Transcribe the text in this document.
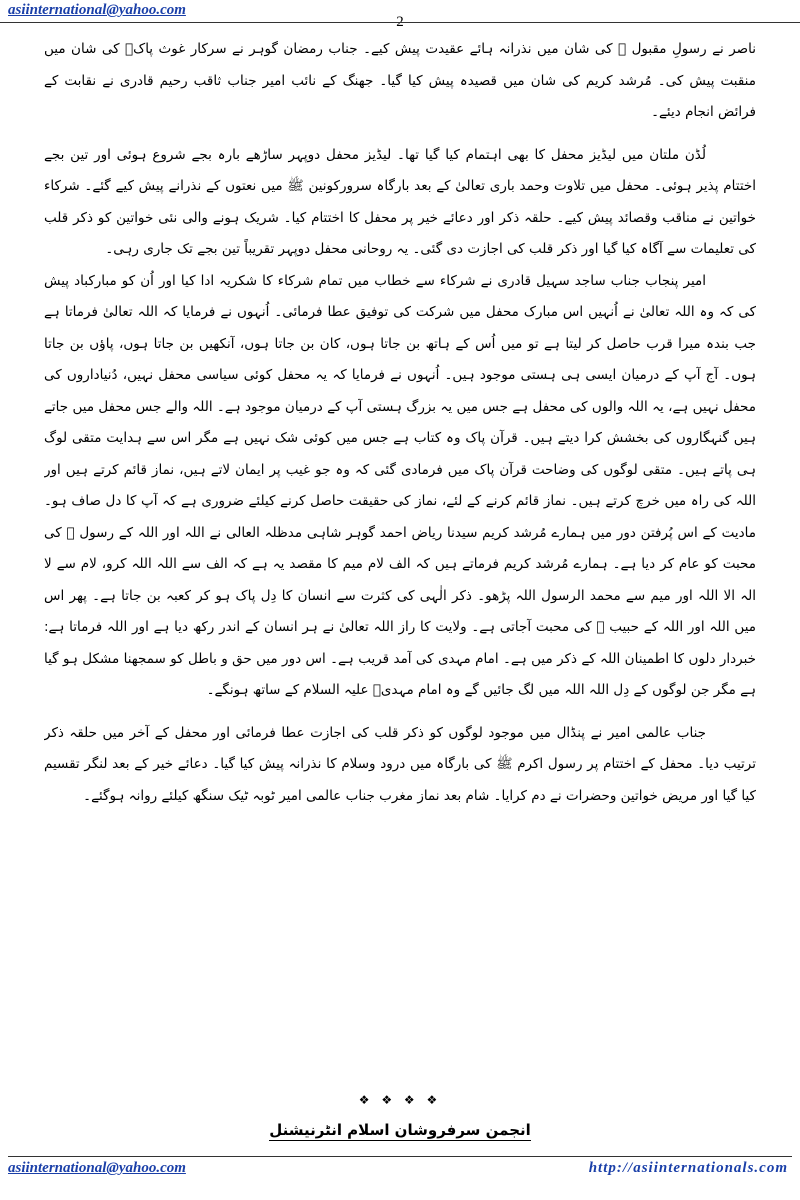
asiinternational@yahoo.com
2

ناصر نے رسولِ مقبول ﷺ کی شان میں نذرانہ ہائے عقیدت پیش کیے۔ جناب رمضان گوہر نے سرکار غوث پاکؓ کی شان میں منقبت پیش کی۔ مُرشد کریم کی شان میں قصیدہ پیش کیا گیا۔ جھنگ کے نائب امیر جناب ثاقب رحیم قادری نے نقابت کے فرائض انجام دیئے۔

لُڈن ملتان میں لیڈیز محفل کا بھی اہتمام کیا گیا تھا۔ لیڈیز محفل دوپہر ساڑھے بارہ بجے شروع ہوئی اور تین بجے اختتام پذیر ہوئی۔ محفل میں تلاوت وحمد باری تعالیٰ کے بعد بارگاہ سرورکونین ﷺ میں نعتوں کے نذرانے پیش کیے گئے۔ شرکاء خواتین نے مناقب وقصائد پیش کیے۔ حلقہ ذکر اور دعائے خیر پر محفل کا اختتام کیا۔ شریک ہونے والی نئی خواتین کو ذکر قلب کی تعلیمات سے آگاہ کیا گیا اور ذکر قلب کی اجازت دی گئی۔ یہ روحانی محفل دوپہر تقریباً تین بجے تک جاری رہی۔

امیر پنجاب جناب ساجد سہیل قادری نے شرکاء سے خطاب میں تمام شرکاء کا شکریہ ادا کیا اور اُن کو مبارکباد پیش کی کہ وہ اللہ تعالیٰ نے اُنہیں اس مبارک محفل میں شرکت کی توفیق عطا فرمائی۔ اُنہوں نے فرمایا کہ اللہ تعالیٰ فرماتا ہے جب بندہ میرا قرب حاصل کر لیتا ہے تو میں اُس کے ہاتھ بن جاتا ہوں، کان بن جاتا ہوں، آنکھیں بن جاتا ہوں، پاؤں بن جاتا ہوں۔ آج آپ کے درمیان ایسی ہی ہستی موجود ہیں۔ اُنہوں نے فرمایا کہ یہ محفل کوئی سیاسی محفل نہیں، دُنیاداروں کی محفل نہیں ہے، یہ اللہ والوں کی محفل ہے جس میں یہ بزرگ ہستی آپ کے درمیان موجود ہے۔ اللہ والے جس محفل میں جاتے ہیں گنہگاروں کی بخشش کرا دیتے ہیں۔ قرآن پاک وہ کتاب ہے جس میں کوئی شک نہیں ہے مگر اس سے ہدایت متقی لوگ ہی پاتے ہیں۔ متقی لوگوں کی وضاحت قرآن پاک میں فرمادی گئی کہ وہ جو غیب پر ایمان لاتے ہیں، نماز قائم کرتے ہیں اور اللہ کی راہ میں خرچ کرتے ہیں۔ نماز قائم کرنے کے لئے، نماز کی حقیقت حاصل کرنے کیلئے ضروری ہے کہ آپ کا دل صاف ہو۔ مادیت کے اس پُرفتن دور میں ہمارے مُرشد کریم سیدنا ریاض احمد گوہر شاہی مدظلہ العالی نے اللہ اور اللہ کے رسول ﷺ کی محبت کو عام کر دیا ہے۔ ہمارے مُرشد کریم فرماتے ہیں کہ الف لام میم کا مقصد یہ ہے کہ الف سے اللہ اللہ کرو، لام سے لا الہ الا اللہ اور میم سے محمد الرسول اللہ پڑھو۔ ذکر الٰہی کی کثرت سے انسان کا دِل پاک ہو کر کعبہ بن جاتا ہے۔ پھر اس میں اللہ اور اللہ کے حبیب ﷺ کی محبت آجاتی ہے۔ ولایت کا راز اللہ تعالیٰ نے ہر انسان کے اندر رکھ دیا ہے اور اللہ فرماتا ہے: خبردار دلوں کا اطمینان اللہ کے ذکر میں ہے۔ امام مہدی کی آمد قریب ہے۔ اس دور میں حق و باطل کو سمجھنا مشکل ہو گیا ہے مگر جن لوگوں کے دِل اللہ اللہ میں لگ جائیں گے وہ امام مہدیؑ علیہ السلام کے ساتھ ہونگے۔

جناب عالمی امیر نے پنڈال میں موجود لوگوں کو ذکر قلب کی اجازت عطا فرمائی اور محفل کے آخر میں حلقہ ذکر ترتیب دیا۔ محفل کے اختتام پر رسول اکرم ﷺ کی بارگاہ میں درود وسلام کا نذرانہ پیش کیا گیا۔ دعائے خیر کے بعد لنگر تقسیم کیا گیا اور مریض خواتین وحضرات نے دم کرایا۔ شام بعد نماز مغرب جناب عالمی امیر ٹوبہ ٹیک سنگھ کیلئے روانہ ہوگئے۔

❖ ❖ ❖ ❖
انجمن سرفروشان اسلام انٹرنیشنل
asiinternational@yahoo.com	http://asiinternationals.com
